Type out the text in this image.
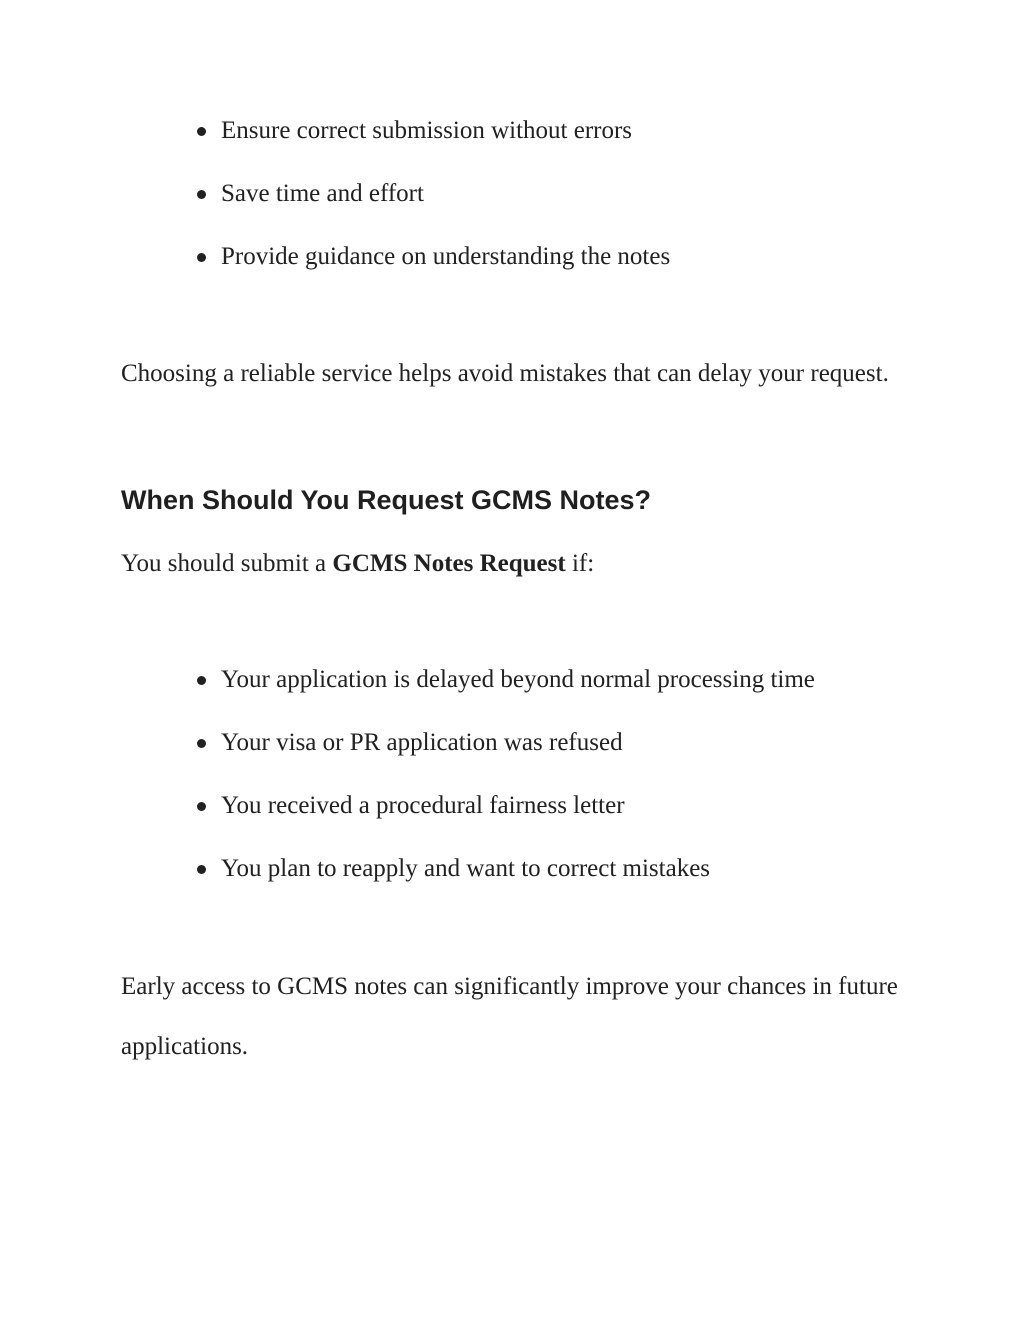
Ensure correct submission without errors
Save time and effort
Provide guidance on understanding the notes

Choosing a reliable service helps avoid mistakes that can delay your request.

When Should You Request GCMS Notes?

You should submit a GCMS Notes Request if:

Your application is delayed beyond normal processing time
Your visa or PR application was refused
You received a procedural fairness letter
You plan to reapply and want to correct mistakes

Early access to GCMS notes can significantly improve your chances in future applications.
